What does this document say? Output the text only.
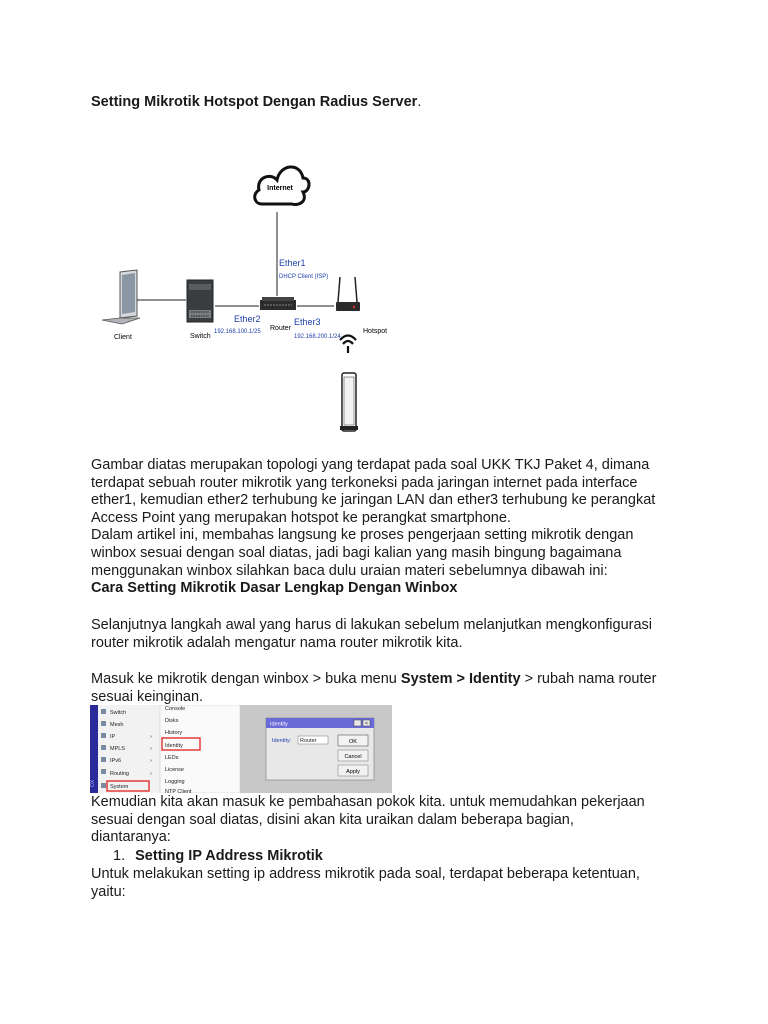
Setting Mikrotik Hotspot Dengan Radius Server.
Gambar diatas merupakan topologi yang terdapat pada soal UKK TKJ Paket 4, dimana
terdapat sebuah router mikrotik yang terkoneksi pada jaringan internet pada interface
ether1, kemudian ether2 terhubung ke jaringan LAN dan ether3 terhubung ke perangkat
Access Point yang merupakan hotspot ke perangkat smartphone.
Dalam artikel ini, membahas langsung ke proses pengerjaan setting mikrotik dengan
winbox sesuai dengan soal diatas, jadi bagi kalian yang masih bingung bagaimana
menggunakan winbox silahkan baca dulu uraian materi sebelumnya dibawah ini:
Cara Setting Mikrotik Dasar Lengkap Dengan Winbox
Selanjutnya langkah awal yang harus di lakukan sebelum melanjutkan mengkonfigurasi
router mikrotik adalah mengatur nama router mikrotik kita.
Masuk ke mikrotik dengan winbox > buka menu System > Identity > rubah nama router
sesuai keinginan.
Kemudian kita akan masuk ke pembahasan pokok kita. untuk memudahkan pekerjaan
sesuai dengan soal diatas, disini akan kita uraikan dalam beberapa bagian,
diantaranya:
1. Setting IP Address Mikrotik
Untuk melakukan setting ip address mikrotik pada soal, terdapat beberapa ketentuan,
yaitu:
Internet
Ether1
DHCP Client (ISP)
Client	Switch
Router
Ether2
192.168.100.1/25
Ether3
192.168.200.1/24
Hotspot
OX
Switch
Mesh
IP	›
MPLS	›
IPv6	›
Routing	›
System
Console
Disks
History
Identity
LEDs
License
Logging
NTP Client
Identity	×
Identity: Router	OK
Cancel
Apply
